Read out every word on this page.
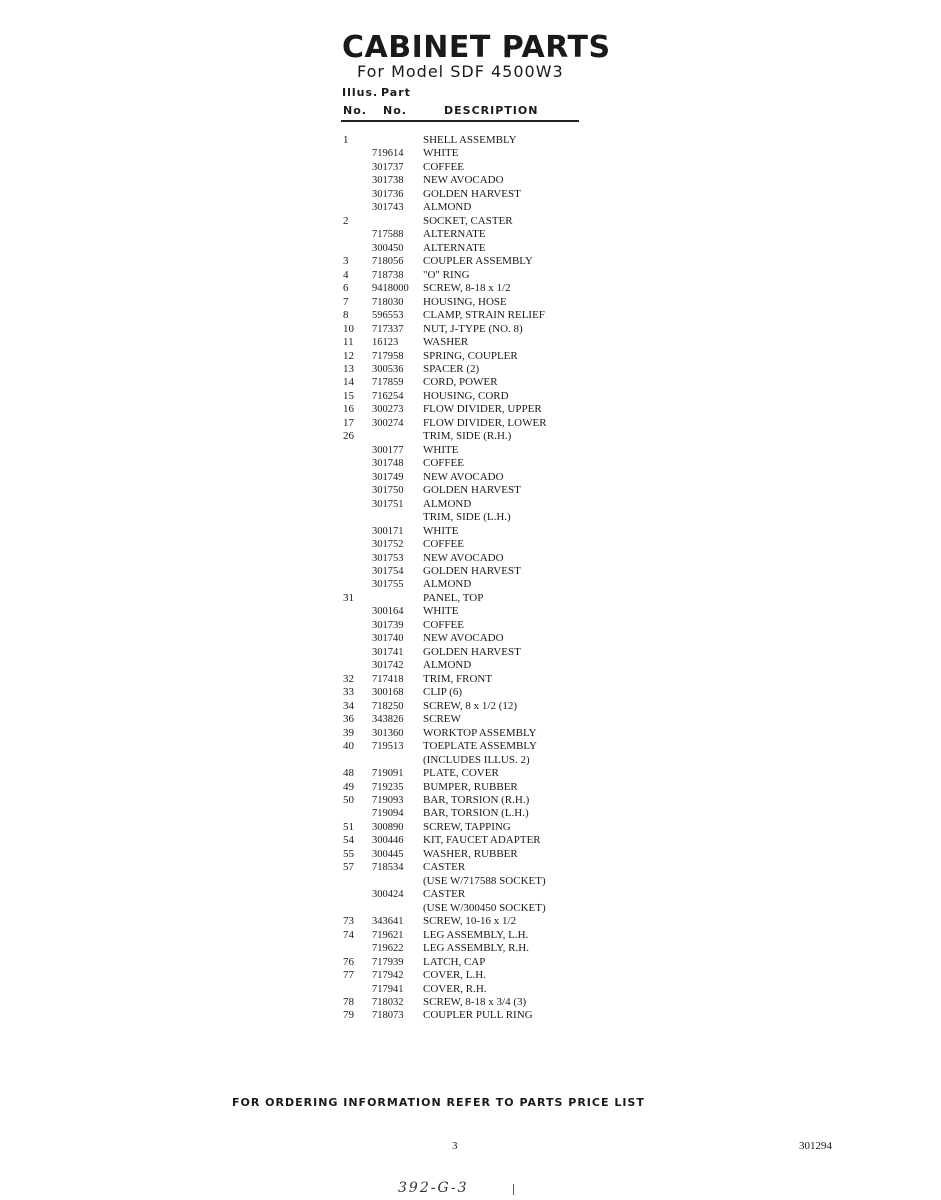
CABINET PARTS
For Model SDF 4500W3
Illus. Part
No. No.	DESCRIPTION
1	SHELL ASSEMBLY
719614 WHITE
301737 COFFEE
301738 NEW AVOCADO
301736 GOLDEN HARVEST
301743 ALMOND
2	SOCKET, CASTER
717588 ALTERNATE
300450 ALTERNATE
3 718056 COUPLER ASSEMBLY
4 718738 "O" RING
6 9418000 SCREW, 8-18 x 1/2
7 718030 HOUSING, HOSE
8 596553 CLAMP, STRAIN RELIEF
10 717337 NUT, J-TYPE (NO. 8)
11 16123 WASHER
12 717958 SPRING, COUPLER
13 300536 SPACER (2)
14 717859 CORD, POWER
15 716254 HOUSING, CORD
16 300273 FLOW DIVIDER, UPPER
17 300274 FLOW DIVIDER, LOWER
26	TRIM, SIDE (R.H.)
300177 WHITE
301748 COFFEE
301749 NEW AVOCADO
301750 GOLDEN HARVEST
301751 ALMOND
TRIM, SIDE (L.H.)
300171 WHITE
301752 COFFEE
301753 NEW AVOCADO
301754 GOLDEN HARVEST
301755 ALMOND
31	PANEL, TOP
300164 WHITE
301739 COFFEE
301740 NEW AVOCADO
301741 GOLDEN HARVEST
301742 ALMOND
32 717418 TRIM, FRONT
33 300168 CLIP (6)
34 718250 SCREW, 8 x 1/2 (12)
36 343826 SCREW
39 301360 WORKTOP ASSEMBLY
40 719513 TOEPLATE ASSEMBLY
(INCLUDES ILLUS. 2)
48 719091 PLATE, COVER
49 719235 BUMPER, RUBBER
50 719093 BAR, TORSION (R.H.)
719094 BAR, TORSION (L.H.)
51 300890 SCREW, TAPPING
54 300446 KIT, FAUCET ADAPTER
55 300445 WASHER, RUBBER
57 718534 CASTER
(USE W/717588 SOCKET)
300424 CASTER
(USE W/300450 SOCKET)
73 343641 SCREW, 10-16 x 1/2
74 719621 LEG ASSEMBLY, L.H.
719622 LEG ASSEMBLY, R.H.
76 717939 LATCH, CAP
77 717942 COVER, L.H.
717941 COVER, R.H.
78 718032 SCREW, 8-18 x 3/4 (3)
79 718073 COUPLER PULL RING
FOR ORDERING INFORMATION REFER TO PARTS PRICE LIST
3	301294
392-G-3
